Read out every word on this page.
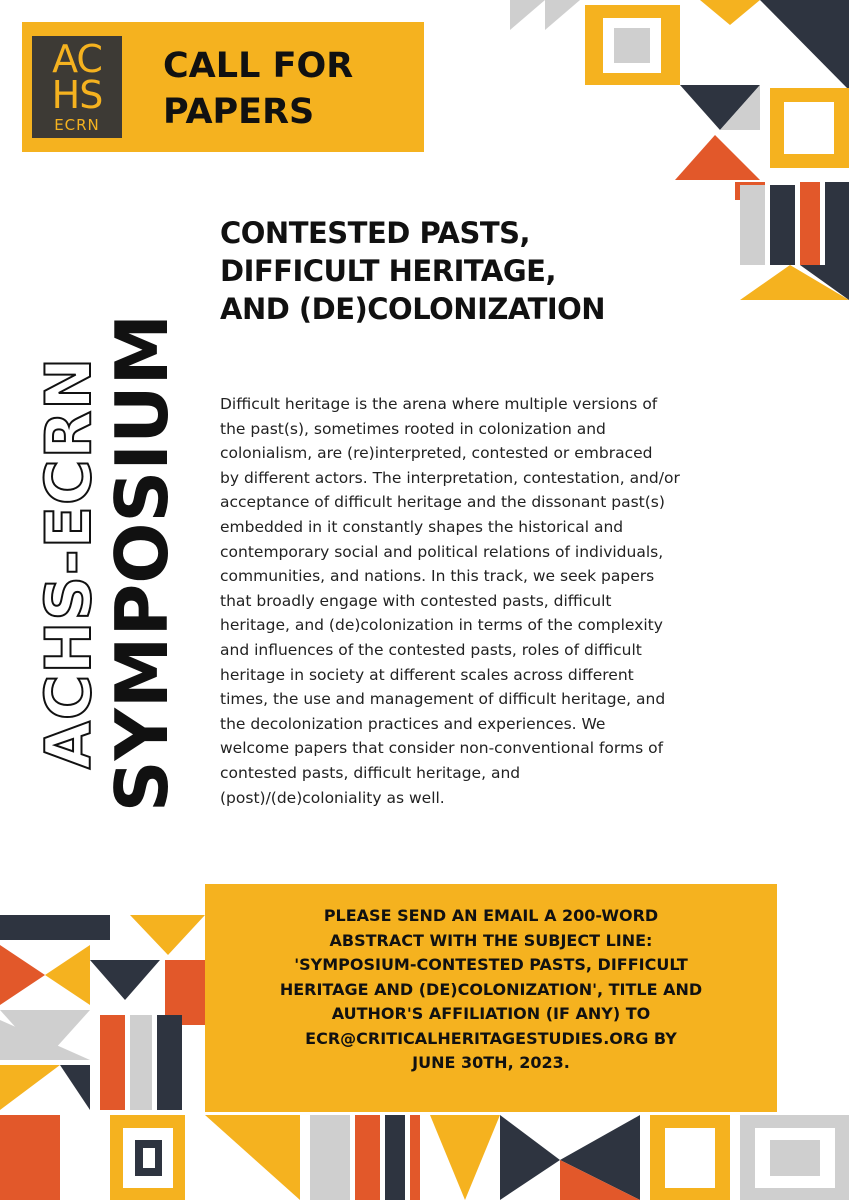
AC
HS
ECRN
CALL FOR
PAPERS
ACHS-ECRN
SYMPOSIUM
CONTESTED PASTS,
DIFFICULT HERITAGE,
AND (DE)COLONIZATION
Difficult heritage is the arena where multiple versions of
the past(s), sometimes rooted in colonization and
colonialism, are (re)interpreted, contested or embraced
by different actors. The interpretation, contestation, and/or
acceptance of difficult heritage and the dissonant past(s)
embedded in it constantly shapes the historical and
contemporary social and political relations of individuals,
communities, and nations. In this track, we seek papers
that broadly engage with contested pasts, difficult
heritage, and (de)colonization in terms of the complexity
and influences of the contested pasts, roles of difficult
heritage in society at different scales across different
times, the use and management of difficult heritage, and
the decolonization practices and experiences. We
welcome papers that consider non-conventional forms of
contested pasts, difficult heritage, and
(post)/(de)coloniality as well.
PLEASE SEND AN EMAIL A 200-WORD
ABSTRACT WITH THE SUBJECT LINE:
'SYMPOSIUM-CONTESTED PASTS, DIFFICULT
HERITAGE AND (DE)COLONIZATION', TITLE AND
AUTHOR'S AFFILIATION (IF ANY) TO
ECR@CRITICALHERITAGESTUDIES.ORG BY
JUNE 30TH, 2023.
